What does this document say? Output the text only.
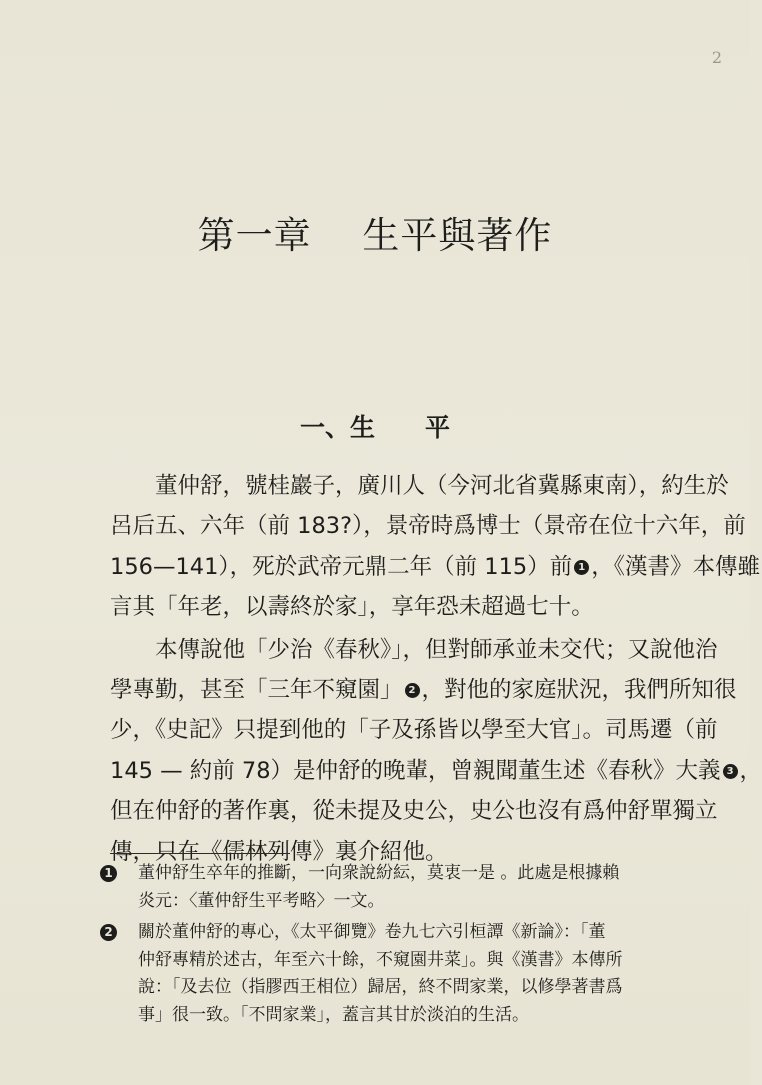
2
第一章　 生平與著作
一、生　　平

董仲舒，號桂巖子，廣川人（今河北省冀縣東南），約生於
呂后五、六年（前 183?），景帝時爲博士（景帝在位十六年，前
156—141），死於武帝元鼎二年（前 115）前 1 ，《漢書》本傳雖
言其「年老，以壽終於家」，享年恐未超過七十。

本傳說他「少治《春秋》」，但對師承並未交代；又說他治
學專勤，甚至「三年不窺園」 2 ，對他的家庭狀況，我們所知很
少，《史記》只提到他的「子及孫皆以學至大官」。司馬遷（前
145 — 約前 78）是仲舒的晚輩，曾親聞董生述《春秋》大義 3 ，
但在仲舒的著作裏，從未提及史公，史公也沒有爲仲舒單獨立
傳，只在《儒林列傳》裏介紹他。

1 董仲舒生卒年的推斷，一向衆說紛紜，莫衷一是 。此處是根據賴
炎元：〈董仲舒生平考略〉一文。
2 關於董仲舒的專心，《太平御覽》卷九七六引桓譚《新論》：「董
仲舒專精於述古，年至六十餘，不窺園井菜」。與《漢書》本傳所
說：「及去位（指膠西王相位）歸居，終不問家業，以修學著書爲
事」很一致。「不問家業」，蓋言其甘於淡泊的生活。
